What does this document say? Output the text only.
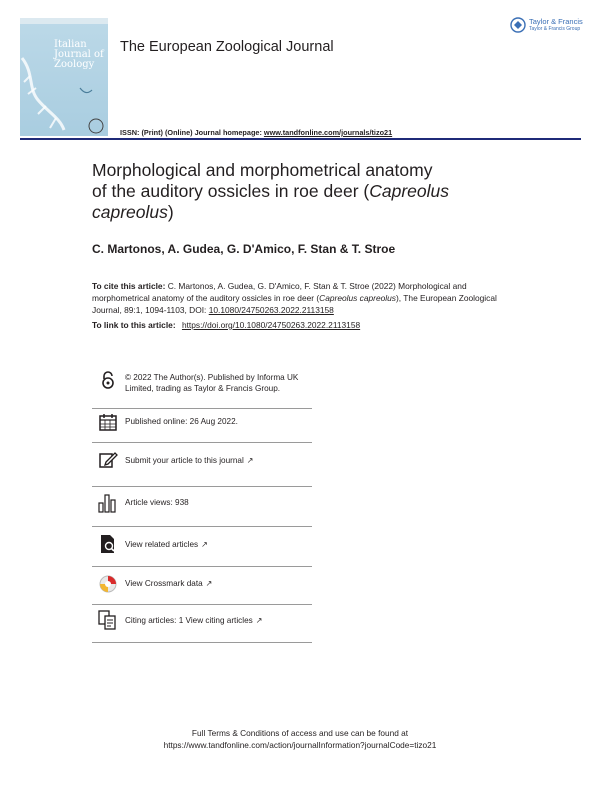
Italian
Journal of
Zoology
The European Zoological Journal
Taylor & Francis
Taylor & Francis Group
ISSN: (Print) (Online) Journal homepage: www.tandfonline.com/journals/tizo21
Morphological and morphometrical anatomy
of the auditory ossicles in roe deer (Capreolus capreolus)
C. Martonos, A. Gudea, G. D'Amico, F. Stan & T. Stroe
To cite this article: C. Martonos, A. Gudea, G. D'Amico, F. Stan & T. Stroe (2022) Morphological and morphometrical anatomy of the auditory ossicles in roe deer (Capreolus capreolus), The European Zoological Journal, 89:1, 1094-1103, DOI: 10.1080/24750263.2022.2113158
To link to this article: https://doi.org/10.1080/24750263.2022.2113158
© 2022 The Author(s). Published by Informa UK Limited, trading as Taylor & Francis Group.
Published online: 26 Aug 2022.
Submit your article to this journal ↗
Article views: 938
View related articles ↗
View Crossmark data ↗
Citing articles: 1 View citing articles ↗
Full Terms & Conditions of access and use can be found at
https://www.tandfonline.com/action/journalInformation?journalCode=tizo21
